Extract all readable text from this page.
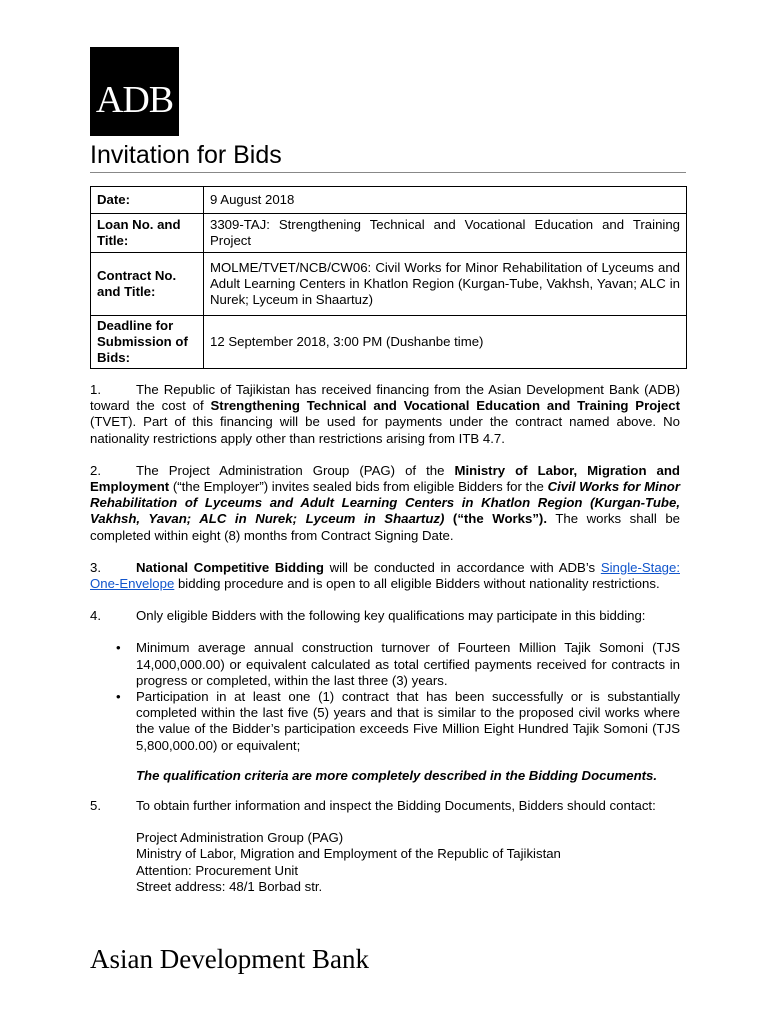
ADB
Invitation for Bids
Date:	9 August 2018
Loan No. and Title:	3309-TAJ: Strengthening Technical and Vocational Education and Training Project
Contract No. and Title:	MOLME/TVET/NCB/CW06: Civil Works for Minor Rehabilitation of Lyceums and Adult Learning Centers in Khatlon Region (Kurgan-Tube, Vakhsh, Yavan; ALC in Nurek; Lyceum in Shaartuz)
Deadline for Submission of Bids:	12 September 2018, 3:00 PM (Dushanbe time)

1.	The Republic of Tajikistan has received financing from the Asian Development Bank (ADB) toward the cost of Strengthening Technical and Vocational Education and Training Project (TVET). Part of this financing will be used for payments under the contract named above. No nationality restrictions apply other than restrictions arising from ITB 4.7.

2.	The Project Administration Group (PAG) of the Ministry of Labor, Migration and Employment (“the Employer”) invites sealed bids from eligible Bidders for the Civil Works for Minor Rehabilitation of Lyceums and Adult Learning Centers in Khatlon Region (Kurgan-Tube, Vakhsh, Yavan; ALC in Nurek; Lyceum in Shaartuz) (“the Works”). The works shall be completed within eight (8) months from Contract Signing Date.

3.	National Competitive Bidding will be conducted in accordance with ADB’s Single-Stage: One-Envelope bidding procedure and is open to all eligible Bidders without nationality restrictions.

4.	Only eligible Bidders with the following key qualifications may participate in this bidding:

• Minimum average annual construction turnover of Fourteen Million Tajik Somoni (TJS 14,000,000.00) or equivalent calculated as total certified payments received for contracts in progress or completed, within the last three (3) years.
• Participation in at least one (1) contract that has been successfully or is substantially completed within the last five (5) years and that is similar to the proposed civil works where the value of the Bidder’s participation exceeds Five Million Eight Hundred Tajik Somoni (TJS 5,800,000.00) or equivalent;

The qualification criteria are more completely described in the Bidding Documents.

5.	To obtain further information and inspect the Bidding Documents, Bidders should contact:

Project Administration Group (PAG)
Ministry of Labor, Migration and Employment of the Republic of Tajikistan
Attention: Procurement Unit
Street address: 48/1 Borbad str.
Asian Development Bank
